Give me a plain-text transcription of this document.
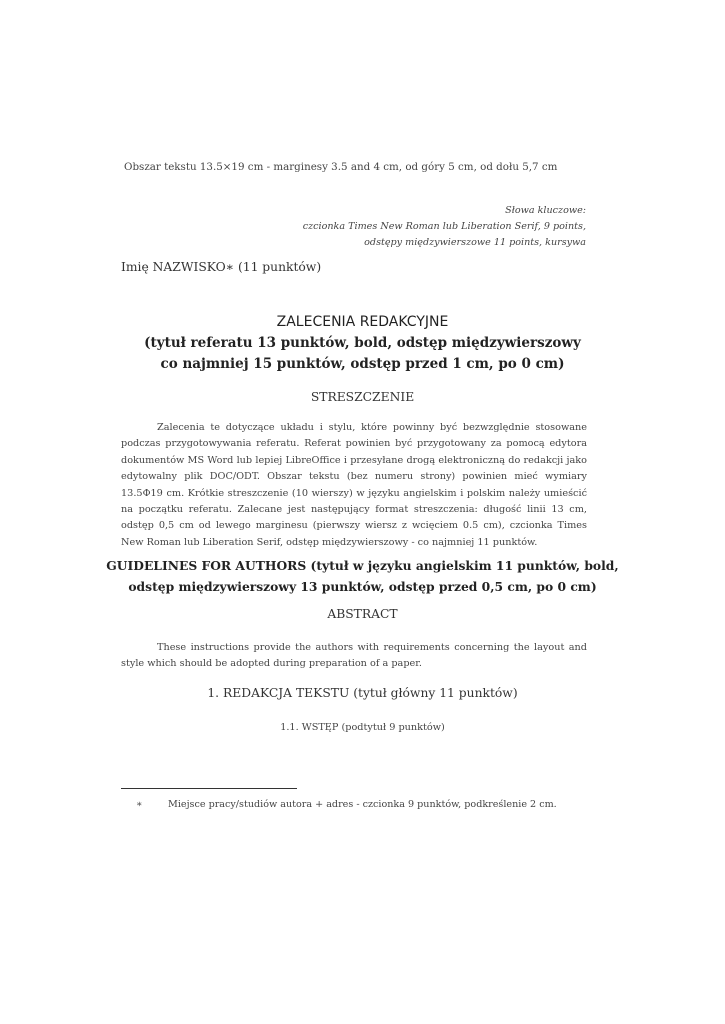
Obszar tekstu 13.5×19 cm - marginesy 3.5 and 4 cm, od góry 5 cm, od dołu 5,7 cm
Słowa kluczowe:
czcionka Times New Roman lub Liberation Serif, 9 points,
odstępy międzywierszowe 11 points, kursywa
Imię NAZWISKO∗ (11 punktów)
ZALECENIA REDAKCYJNE
(tytuł referatu 13 punktów, bold, odstęp międzywierszowy
co najmniej 15 punktów, odstęp przed 1 cm, po 0 cm)
STRESZCZENIE
Zalecenia te dotyczące układu i stylu, które powinny być bezwzględnie stosowane podczas przygotowywania referatu. Referat powinien być przygotowany za pomocą edytora dokumentów MS Word lub lepiej LibreOffice i przesyłane drogą elektroniczną do redakcji jako edytowalny plik DOC/ODT. Obszar tekstu (bez numeru strony) powinien mieć wymiary 13.5Φ19 cm. Krótkie streszczenie (10 wierszy) w języku angielskim i polskim należy umieścić na początku referatu. Zalecane jest następujący format streszczenia: długość linii 13 cm, odstęp 0,5 cm od lewego marginesu (pierwszy wiersz z wcięciem 0.5 cm), czcionka Times New Roman lub Liberation Serif, odstęp międzywierszowy - co najmniej 11 punktów.
GUIDELINES FOR AUTHORS (tytuł w języku angielskim 11 punktów, bold,
odstęp międzywierszowy 13 punktów, odstęp przed 0,5 cm, po 0 cm)
ABSTRACT
These instructions provide the authors with requirements concerning the layout and style which should be adopted during preparation of a paper.
1. REDAKCJA TEKSTU (tytuł główny 11 punktów)
1.1. WSTĘP (podtytuł 9 punktów)
∗	Miejsce pracy/studiów autora + adres - czcionka 9 punktów, podkreślenie 2 cm.
